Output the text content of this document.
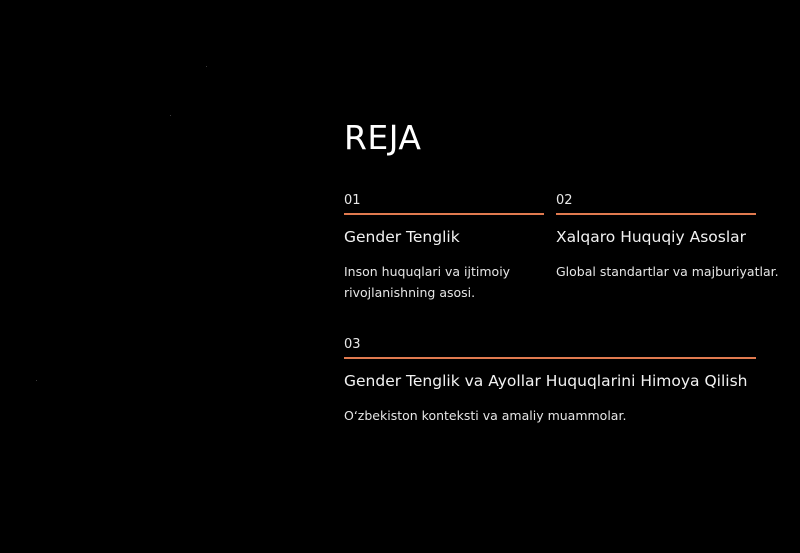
REJA
01
Gender Tenglik
Inson huquqlari va ijtimoiy rivojlanishning asosi.
02
Xalqaro Huquqiy Asoslar
Global standartlar va majburiyatlar.
03
Gender Tenglik va Ayollar Huquqlarini Himoya Qilish
O‘zbekiston konteksti va amaliy muammolar.
